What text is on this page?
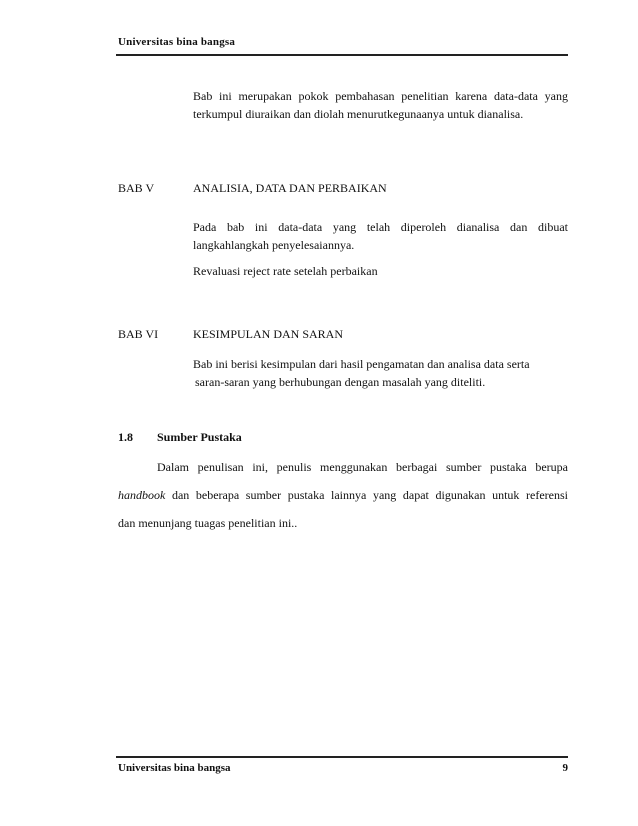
Universitas bina bangsa
Bab ini merupakan pokok pembahasan penelitian karena data-data yang
terkumpul diuraikan dan diolah menurutkegunaanya untuk dianalisa.
BAB V	ANALISIA, DATA DAN PERBAIKAN
Pada bab ini data-data yang telah diperoleh dianalisa dan dibuat
langkahlangkah penyelesaiannya.
Revaluasi reject rate setelah perbaikan
BAB VI	KESIMPULAN DAN SARAN
Bab ini berisi kesimpulan dari hasil pengamatan dan analisa data serta
saran-saran yang berhubungan dengan masalah yang diteliti.
1.8 Sumber Pustaka
Dalam penulisan ini, penulis menggunakan berbagai sumber pustaka berupa
handbook dan beberapa sumber pustaka lainnya yang dapat digunakan untuk referensi
dan menunjang tuagas penelitian ini..
Universitas bina bangsa	9
